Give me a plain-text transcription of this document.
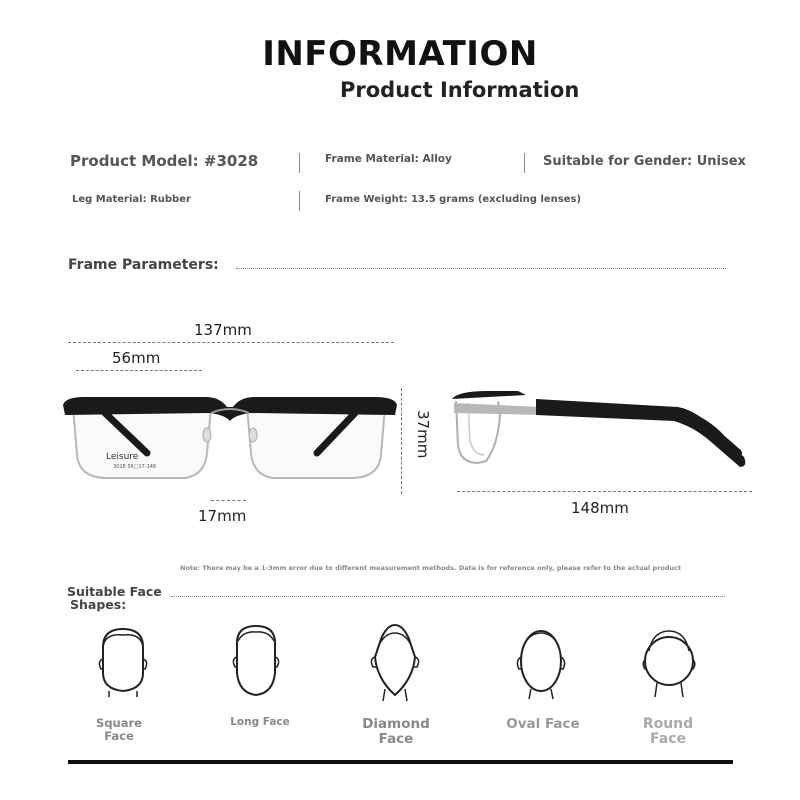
INFORMATION
Product Information
Product Model: #3028	Frame Material: Alloy	Suitable for Gender: Unisex
Leg Material: Rubber	Frame Weight: 13.5 grams (excluding lenses)
Frame Parameters:
137mm
56mm
37mm
17mm	148mm
Leisure
3028 56□17-148
Note: There may be a 1-3mm error due to different measurement methods. Data is for reference only, please refer to the actual product
Suitable Face
Shapes:
Square
Face
Long Face	Diamond
Face
Oval Face	Round
Face
